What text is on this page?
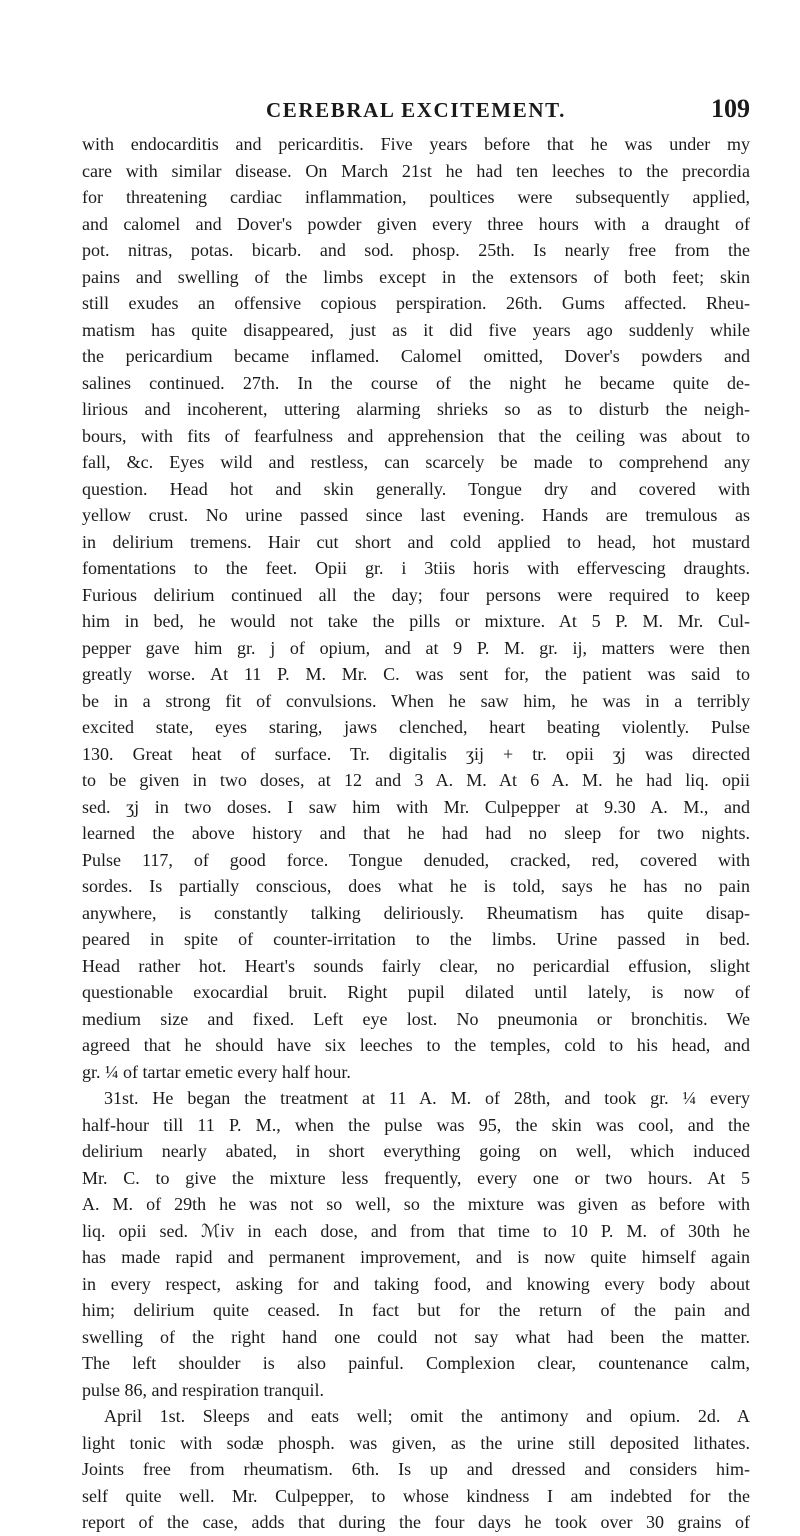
CEREBRAL EXCITEMENT.	109
with endocarditis and pericarditis. Five years before that he was under my
care with similar disease. On March 21st he had ten leeches to the precordia
for threatening cardiac inflammation, poultices were subsequently applied,
and calomel and Dover's powder given every three hours with a draught of
pot. nitras, potas. bicarb. and sod. phosp. 25th. Is nearly free from the
pains and swelling of the limbs except in the extensors of both feet; skin
still exudes an offensive copious perspiration. 26th. Gums affected. Rheu-
matism has quite disappeared, just as it did five years ago suddenly while
the pericardium became inflamed. Calomel omitted, Dover's powders and
salines continued. 27th. In the course of the night he became quite de-
lirious and incoherent, uttering alarming shrieks so as to disturb the neigh-
bours, with fits of fearfulness and apprehension that the ceiling was about to
fall, &c. Eyes wild and restless, can scarcely be made to comprehend any
question. Head hot and skin generally. Tongue dry and covered with
yellow crust. No urine passed since last evening. Hands are tremulous as
in delirium tremens. Hair cut short and cold applied to head, hot mustard
fomentations to the feet. Opii gr. i 3tiis horis with effervescing draughts.
Furious delirium continued all the day; four persons were required to keep
him in bed, he would not take the pills or mixture. At 5 P. M. Mr. Cul-
pepper gave him gr. j of opium, and at 9 P. M. gr. ij, matters were then
greatly worse. At 11 P. M. Mr. C. was sent for, the patient was said to
be in a strong fit of convulsions. When he saw him, he was in a terribly
excited state, eyes staring, jaws clenched, heart beating violently. Pulse
130. Great heat of surface. Tr. digitalis ʒij + tr. opii ʒj was directed
to be given in two doses, at 12 and 3 A. M. At 6 A. M. he had liq. opii
sed. ʒj in two doses. I saw him with Mr. Culpepper at 9.30 A. M., and
learned the above history and that he had had no sleep for two nights.
Pulse 117, of good force. Tongue denuded, cracked, red, covered with
sordes. Is partially conscious, does what he is told, says he has no pain
anywhere, is constantly talking deliriously. Rheumatism has quite disap-
peared in spite of counter-irritation to the limbs. Urine passed in bed.
Head rather hot. Heart's sounds fairly clear, no pericardial effusion, slight
questionable exocardial bruit. Right pupil dilated until lately, is now of
medium size and fixed. Left eye lost. No pneumonia or bronchitis. We
agreed that he should have six leeches to the temples, cold to his head, and
gr. ¼ of tartar emetic every half hour.
31st. He began the treatment at 11 A. M. of 28th, and took gr. ¼ every
half-hour till 11 P. M., when the pulse was 95, the skin was cool, and the
delirium nearly abated, in short everything going on well, which induced
Mr. C. to give the mixture less frequently, every one or two hours. At 5
A. M. of 29th he was not so well, so the mixture was given as before with
liq. opii sed. ℳiv in each dose, and from that time to 10 P. M. of 30th he
has made rapid and permanent improvement, and is now quite himself again
in every respect, asking for and taking food, and knowing every body about
him; delirium quite ceased. In fact but for the return of the pain and
swelling of the right hand one could not say what had been the matter.
The left shoulder is also painful. Complexion clear, countenance calm,
pulse 86, and respiration tranquil.
April 1st. Sleeps and eats well; omit the antimony and opium. 2d. A
light tonic with sodæ phosph. was given, as the urine still deposited lithates.
Joints free from rheumatism. 6th. Is up and dressed and considers him-
self quite well. Mr. Culpepper, to whose kindness I am indebted for the
report of the case, adds that during the four days he took over 30 grains of
